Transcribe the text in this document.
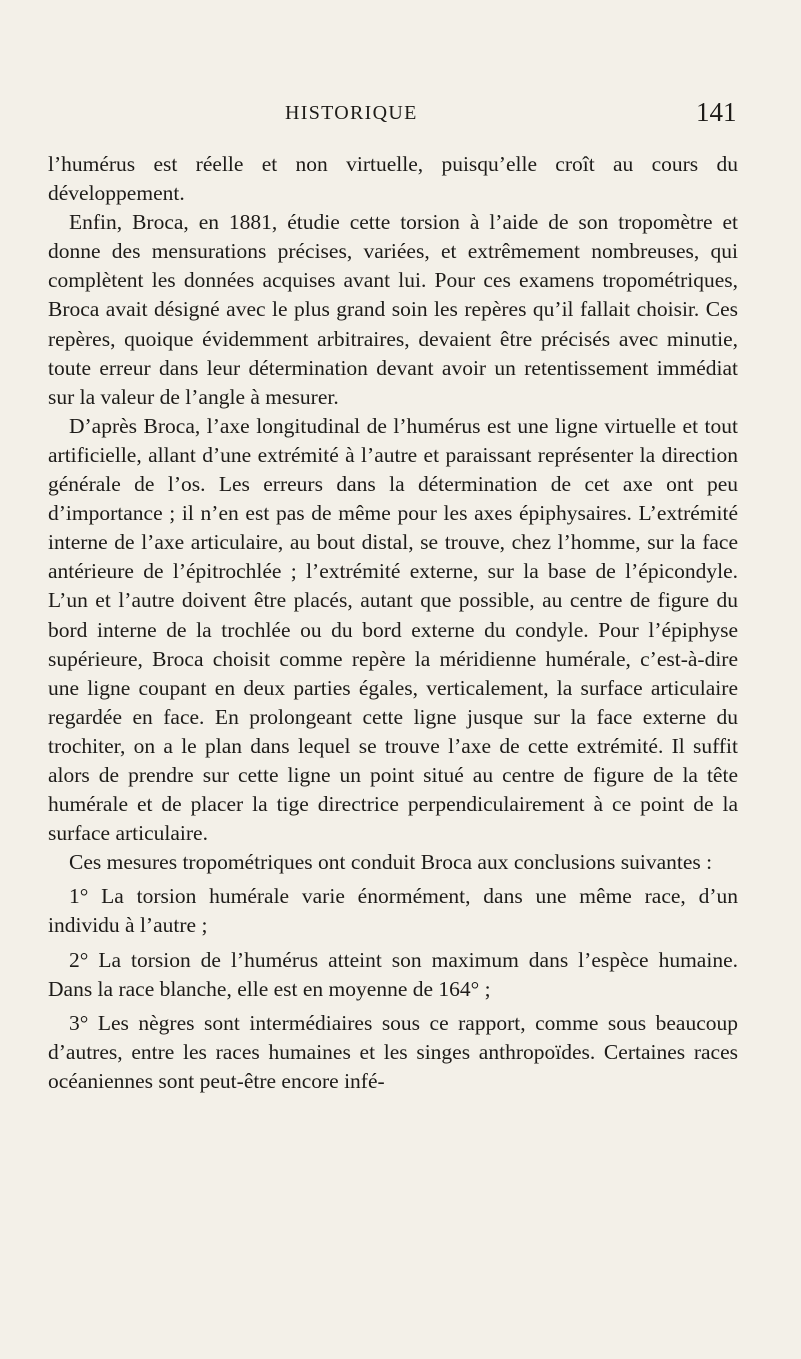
HISTORIQUE	141

l’humérus est réelle et non virtuelle, puisqu’elle croît au cours du développement.

Enfin, Broca, en 1881, étudie cette torsion à l’aide de son tropomètre et donne des mensurations précises, variées, et extrêmement nombreuses, qui complètent les données acquises avant lui. Pour ces examens tropométriques, Broca avait désigné avec le plus grand soin les repères qu’il fallait choisir. Ces repères, quoique évidemment arbitraires, devaient être précisés avec minutie, toute erreur dans leur détermination devant avoir un retentissement immédiat sur la valeur de l’angle à mesurer.

D’après Broca, l’axe longitudinal de l’humérus est une ligne virtuelle et tout artificielle, allant d’une extrémité à l’autre et paraissant représenter la direction générale de l’os. Les erreurs dans la détermination de cet axe ont peu d’importance ; il n’en est pas de même pour les axes épiphysaires. L’extrémité interne de l’axe articulaire, au bout distal, se trouve, chez l’homme, sur la face antérieure de l’épitrochlée ; l’extrémité externe, sur la base de l’épicondyle. L’un et l’autre doivent être placés, autant que possible, au centre de figure du bord interne de la trochlée ou du bord externe du condyle. Pour l’épiphyse supérieure, Broca choisit comme repère la méridienne humérale, c’est-à-dire une ligne coupant en deux parties égales, verticalement, la surface articulaire regardée en face. En prolongeant cette ligne jusque sur la face externe du trochiter, on a le plan dans lequel se trouve l’axe de cette extrémité. Il suffit alors de prendre sur cette ligne un point situé au centre de figure de la tête humérale et de placer la tige directrice perpendiculairement à ce point de la surface articulaire.

Ces mesures tropométriques ont conduit Broca aux conclusions suivantes :

1° La torsion humérale varie énormément, dans une même race, d’un individu à l’autre ;

2° La torsion de l’humérus atteint son maximum dans l’espèce humaine. Dans la race blanche, elle est en moyenne de 164° ;

3° Les nègres sont intermédiaires sous ce rapport, comme sous beaucoup d’autres, entre les races humaines et les singes anthropoïdes. Certaines races océaniennes sont peut-être encore infé-
